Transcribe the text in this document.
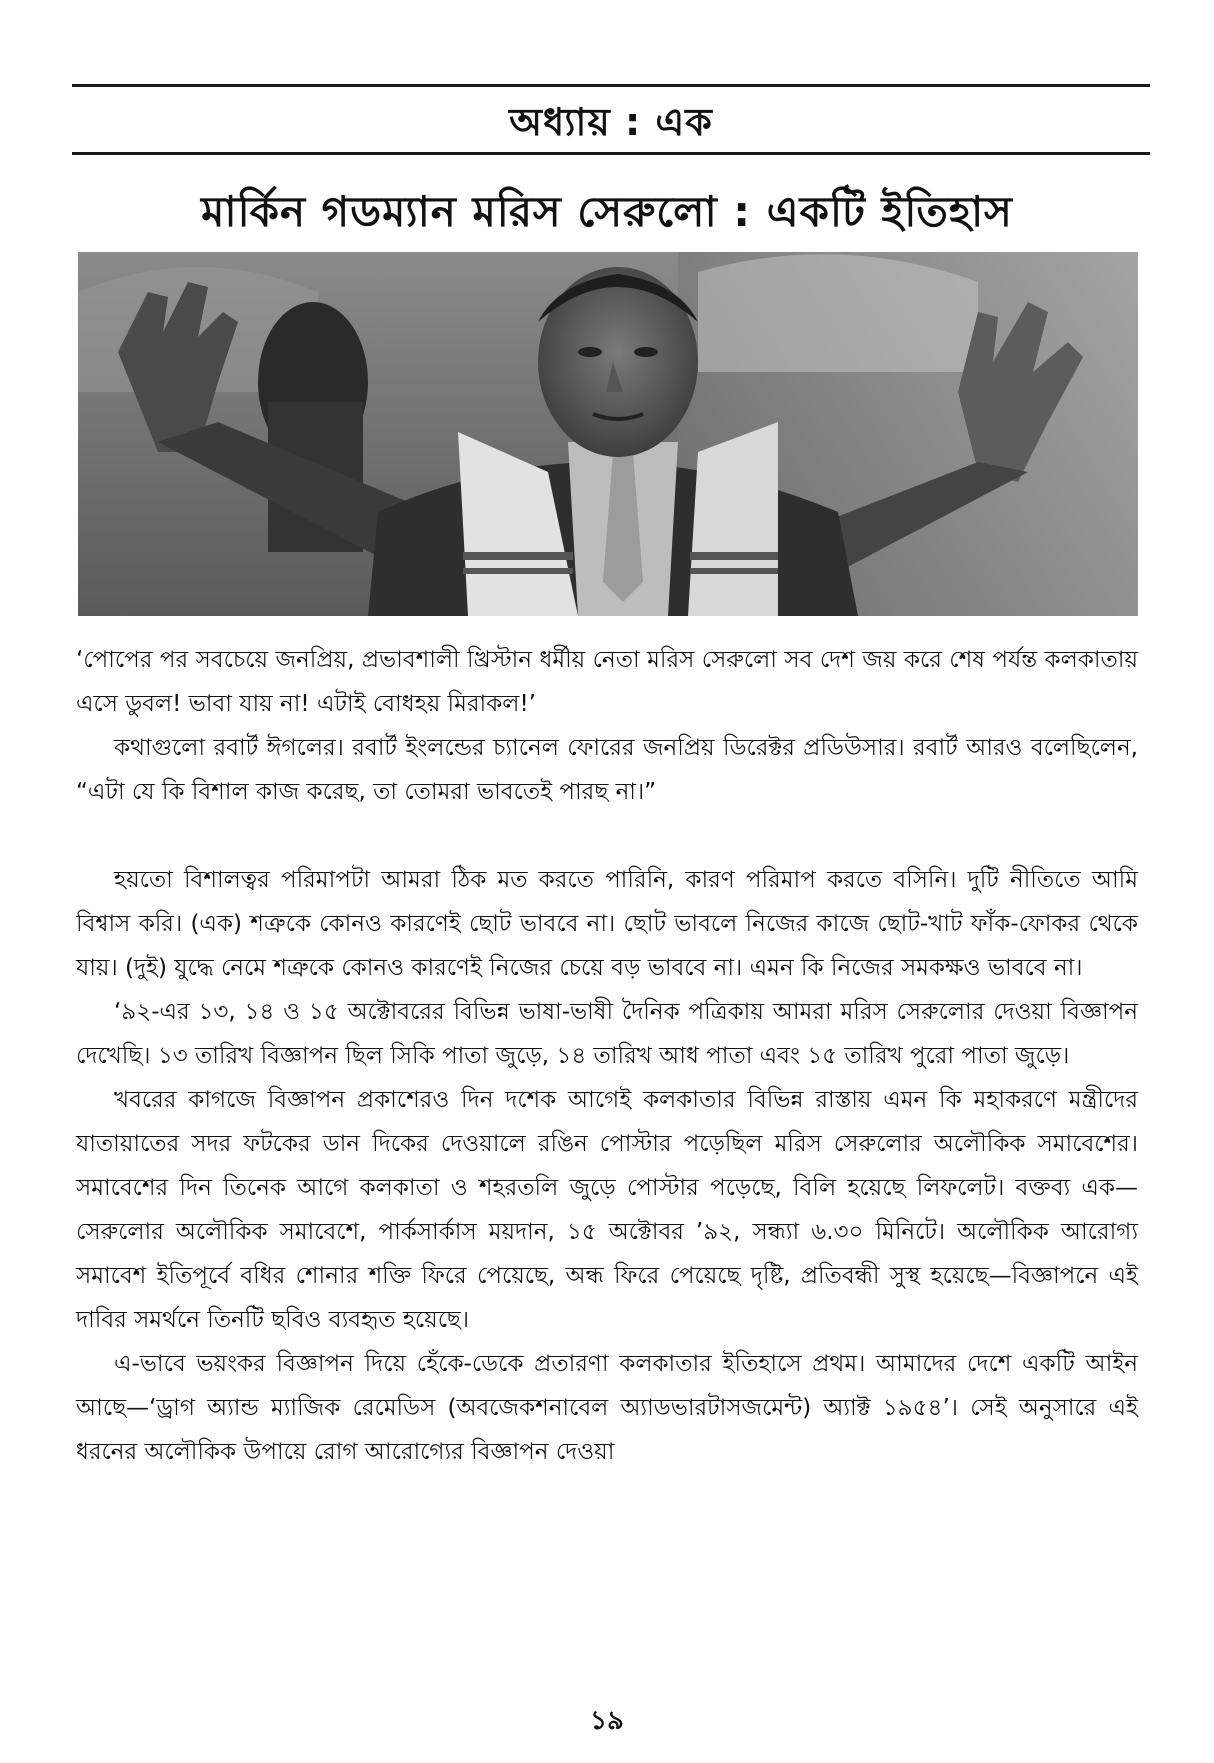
অধ্যায় : এক
মার্কিন গডম্যান মরিস সেরুলো : একটি ইতিহাস

‘পোপের পর সবচেয়ে জনপ্রিয়, প্রভাবশালী খ্রিস্টান ধর্মীয় নেতা মরিস সেরুলো সব দেশ জয় করে শেষ পর্যন্ত কলকাতায় এসে ডুবল! ভাবা যায় না! এটাই বোধহয় মিরাকল!’

কথাগুলো রবার্ট ঈগলের। রবার্ট ইংলন্ডের চ্যানেল ফোরের জনপ্রিয় ডিরেক্টর প্রডিউসার। রবার্ট আরও বলেছিলেন, “এটা যে কি বিশাল কাজ করেছ, তা তোমরা ভাবতেই পারছ না।”

হয়তো বিশালত্বর পরিমাপটা আমরা ঠিক মত করতে পারিনি, কারণ পরিমাপ করতে বসিনি। দুটি নীতিতে আমি বিশ্বাস করি। (এক) শত্রুকে কোনও কারণেই ছোট ভাববে না। ছোট ভাবলে নিজের কাজে ছোট-খাট ফাঁক-ফোকর থেকে যায়। (দুই) যুদ্ধে নেমে শত্রুকে কোনও কারণেই নিজের চেয়ে বড় ভাববে না। এমন কি নিজের সমকক্ষও ভাববে না।

‘৯২-এর ১৩, ১৪ ও ১৫ অক্টোবরের বিভিন্ন ভাষা-ভাষী দৈনিক পত্রিকায় আমরা মরিস সেরুলোর দেওয়া বিজ্ঞাপন দেখেছি। ১৩ তারিখ বিজ্ঞাপন ছিল সিকি পাতা জুড়ে, ১৪ তারিখ আধ পাতা এবং ১৫ তারিখ পুরো পাতা জুড়ে।

খবরের কাগজে বিজ্ঞাপন প্রকাশেরও দিন দশেক আগেই কলকাতার বিভিন্ন রাস্তায় এমন কি মহাকরণে মন্ত্রীদের যাতায়াতের সদর ফটকের ডান দিকের দেওয়ালে রঙিন পোস্টার পড়েছিল মরিস সেরুলোর অলৌকিক সমাবেশের। সমাবেশের দিন তিনেক আগে কলকাতা ও শহরতলি জুড়ে পোস্টার পড়েছে, বিলি হয়েছে লিফলেট। বক্তব্য এক—সেরুলোর অলৌকিক সমাবেশে, পার্কসার্কাস ময়দান, ১৫ অক্টোবর ’৯২, সন্ধ্যা ৬.৩০ মিনিটে। অলৌকিক আরোগ্য সমাবেশ ইতিপূর্বে বধির শোনার শক্তি ফিরে পেয়েছে, অন্ধ ফিরে পেয়েছে দৃষ্টি, প্রতিবন্ধী সুস্থ হয়েছে—বিজ্ঞাপনে এই দাবির সমর্থনে তিনটি ছবিও ব্যবহৃত হয়েছে।

এ-ভাবে ভয়ংকর বিজ্ঞাপন দিয়ে হেঁকে-ডেকে প্রতারণা কলকাতার ইতিহাসে প্রথম। আমাদের দেশে একটি আইন আছে—‘ড্রাগ অ্যান্ড ম্যাজিক রেমেডিস (অবজেকশনাবেল অ্যাডভারটাসজমেন্ট) অ্যাক্ট ১৯৫৪’। সেই অনুসারে এই ধরনের অলৌকিক উপায়ে রোগ আরোগ্যের বিজ্ঞাপন দেওয়া

১৯
